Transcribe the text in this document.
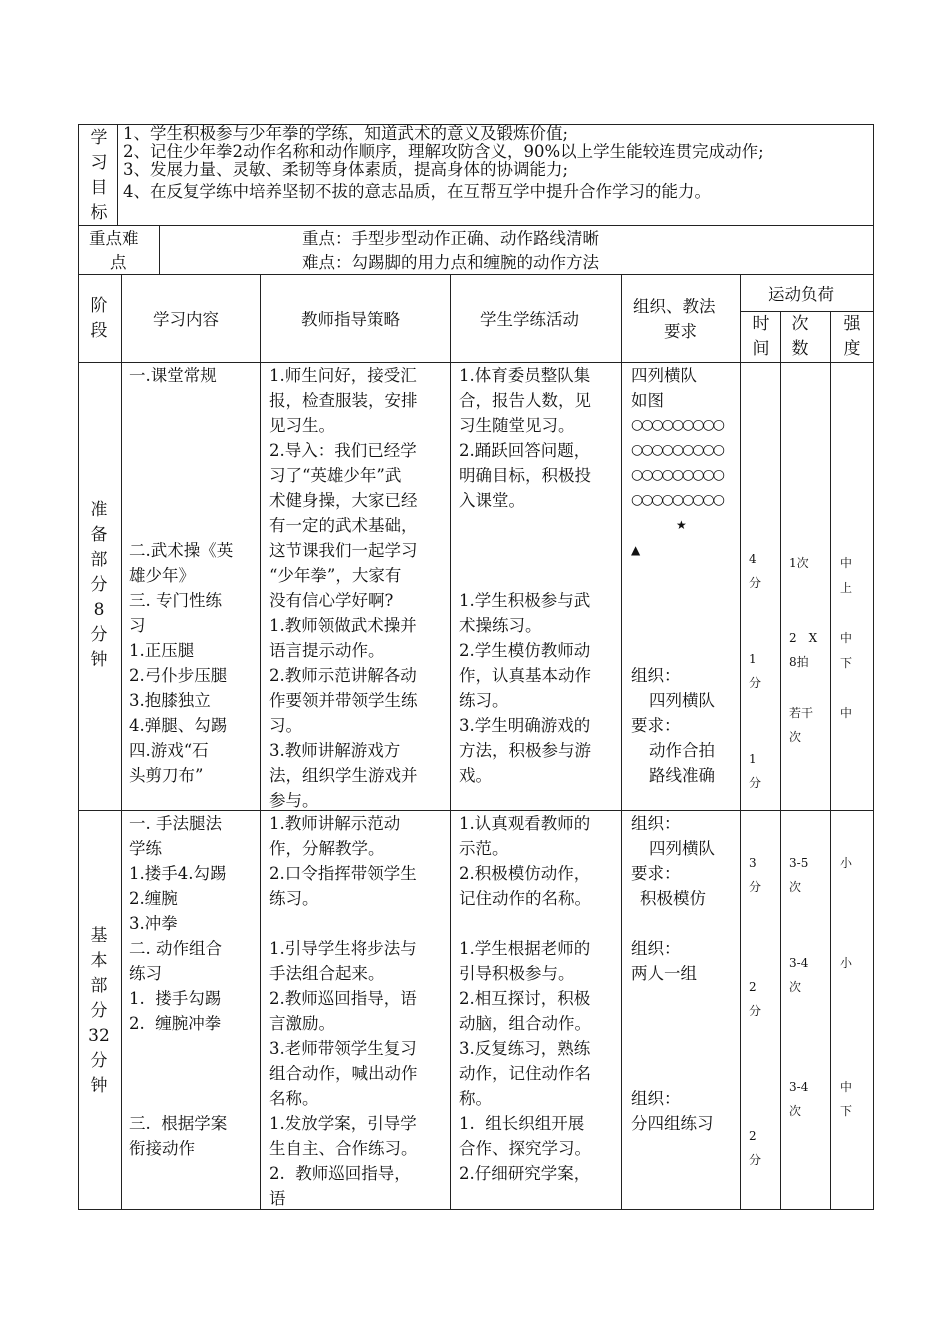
学
习
目
标
1、学生积极参与少年拳的学练，知道武术的意义及锻炼价值;
2、记住少年拳2动作名称和动作顺序，理解攻防含义，90%以上学生能较连贯完成动作;
3、发展力量、灵敏、柔韧等身体素质，提高身体的协调能力;
4、在反复学练中培养坚韧不拔的意志品质，在互帮互学中提升合作学习的能力。
重点难
点
重点：手型步型动作正确、动作路线清晰
难点：勾踢脚的用力点和缠腕的动作方法
阶
段
学习内容	教师指导策略	学生学练活动
组织、教法
要求
运动负荷
时
间
次
数
强
度
准
备
部
分
8
分
钟
一.课堂常规
二.武术操《英
雄少年》
三. 专门性练
习
1.正压腿
2.弓仆步压腿
3.抱膝独立
4.弹腿、勾踢
四.游戏“石
头剪刀布”
1.师生问好，接受汇
报，检查服装，安排
见习生。
2.导入：我们已经学
习了“英雄少年”武
术健身操，大家已经
有一定的武术基础，
这节课我们一起学习
“少年拳”，大家有
没有信心学好啊?
1.教师领做武术操并
语言提示动作。
2.教师示范讲解各动
作要领并带领学生练
习。
3.教师讲解游戏方
法，组织学生游戏并
参与。
1.体育委员整队集
合，报告人数，见
习生随堂见习。
2.踊跃回答问题，
明确目标，积极投
入课堂。
1.学生积极参与武
术操练习。
2.学生模仿教师动
作，认真基本动作
练习。
3.学生明确游戏的
方法，积极参与游
戏。
四列横队
如图
○○○○○○○○○
○○○○○○○○○
○○○○○○○○○
○○○○○○○○○
★
▲
组织：
四列横队
要求：
动作合拍
路线准确
4
分
1
分
1
分
1次
2　X
8拍
若干
次
中
上
中
下
中
基
本
部
分
32
分
钟
一. 手法腿法
学练
1.搂手4.勾踢
2.缠腕
3.冲拳
二. 动作组合
练习
1.  搂手勾踢
2.  缠腕冲拳
三.  根据学案
衔接动作
1.教师讲解示范动
作，分解教学。
2.口令指挥带领学生
练习。
1.引导学生将步法与
手法组合起来。
2.教师巡回指导，语
言激励。
3.老师带领学生复习
组合动作，喊出动作
名称。
1.发放学案，引导学
生自主、合作练习。
2.  教师巡回指导，
语
1.认真观看教师的
示范。
2.积极模仿动作，
记住动作的名称。
1.学生根据老师的
引导积极参与。
2.相互探讨，积极
动脑，组合动作。
3.反复练习，熟练
动作，记住动作名
称。
1.  组长织组开展
合作、探究学习。
2.仔细研究学案，
组织：
四列横队
要求：
积极模仿
组织：
两人一组
组织：
分四组练习
3
分
2
分
2
分
3-5
次
3-4
次
3-4
次
小
小
中
下
